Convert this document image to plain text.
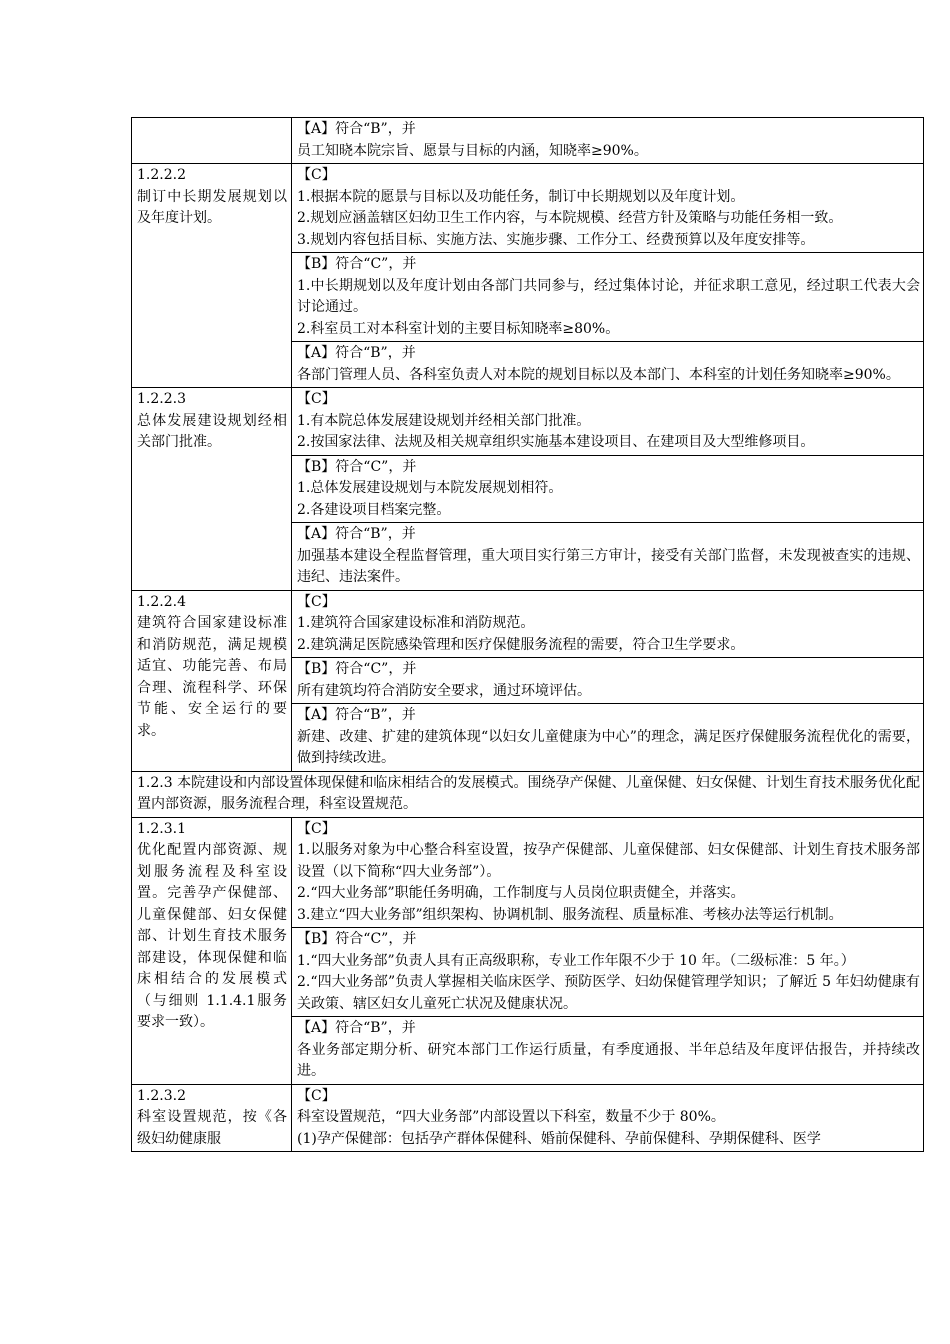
	【A】符合“B”，并
员工知晓本院宗旨、愿景与目标的内涵，知晓率≥90%。

1.2.2.2
制订中长期发展规划以及年度计划。	【C】
1.根据本院的愿景与目标以及功能任务，制订中长期规划以及年度计划。
2.规划应涵盖辖区妇幼卫生工作内容，与本院规模、经营方针及策略与功能任务相一致。
3.规划内容包括目标、实施方法、实施步骤、工作分工、经费预算以及年度安排等。

	【B】符合“C”，并
1.中长期规划以及年度计划由各部门共同参与，经过集体讨论，并征求职工意见，经过职工代表大会讨论通过。
2.科室员工对本科室计划的主要目标知晓率≥80%。

	【A】符合“B”，并
各部门管理人员、各科室负责人对本院的规划目标以及本部门、本科室的计划任务知晓率≥90%。

1.2.2.3
总体发展建设规划经相关部门批准。	【C】
1.有本院总体发展建设规划并经相关部门批准。
2.按国家法律、法规及相关规章组织实施基本建设项目、在建项目及大型维修项目。

	【B】符合“C”，并
1.总体发展建设规划与本院发展规划相符。
2.各建设项目档案完整。

	【A】符合“B”，并
加强基本建设全程监督管理，重大项目实行第三方审计，接受有关部门监督，未发现被查实的违规、违纪、违法案件。

1.2.2.4
建筑符合国家建设标准和消防规范，满足规模适宜、功能完善、布局合理、流程科学、环保节能、安全运行的要求。	【C】
1.建筑符合国家建设标准和消防规范。
2.建筑满足医院感染管理和医疗保健服务流程的需要，符合卫生学要求。

	【B】符合“C”，并
所有建筑均符合消防安全要求，通过环境评估。

	【A】符合“B”，并
新建、改建、扩建的建筑体现“以妇女儿童健康为中心”的理念，满足医疗保健服务流程优化的需要，做到持续改进。

1.2.3 本院建设和内部设置体现保健和临床相结合的发展模式。围绕孕产保健、儿童保健、妇女保健、计划生育技术服务优化配置内部资源，服务流程合理，科室设置规范。	

1.2.3.1
优化配置内部资源、规划服务流程及科室设置。完善孕产保健部、儿童保健部、妇女保健部、计划生育技术服务部建设，体现保健和临床相结合的发展模式（与细则 1.1.4.1服务要求一致）。	【C】
1.以服务对象为中心整合科室设置，按孕产保健部、儿童保健部、妇女保健部、计划生育技术服务部设置（以下简称“四大业务部”）。
2.“四大业务部”职能任务明确，工作制度与人员岗位职责健全，并落实。
3.建立“四大业务部”组织架构、协调机制、服务流程、质量标准、考核办法等运行机制。

	【B】符合“C”，并
1.“四大业务部”负责人具有正高级职称，专业工作年限不少于 10 年。（二级标准：5 年。）
2.“四大业务部”负责人掌握相关临床医学、预防医学、妇幼保健管理学知识；了解近 5 年妇幼健康有关政策、辖区妇女儿童死亡状况及健康状况。

	【A】符合“B”，并
各业务部定期分析、研究本部门工作运行质量，有季度通报、半年总结及年度评估报告，并持续改进。

1.2.3.2
科室设置规范，按《各级妇幼健康服	【C】
科室设置规范，“四大业务部”内部设置以下科室，数量不少于 80%。
(1)孕产保健部：包括孕产群体保健科、婚前保健科、孕前保健科、孕期保健科、医学
